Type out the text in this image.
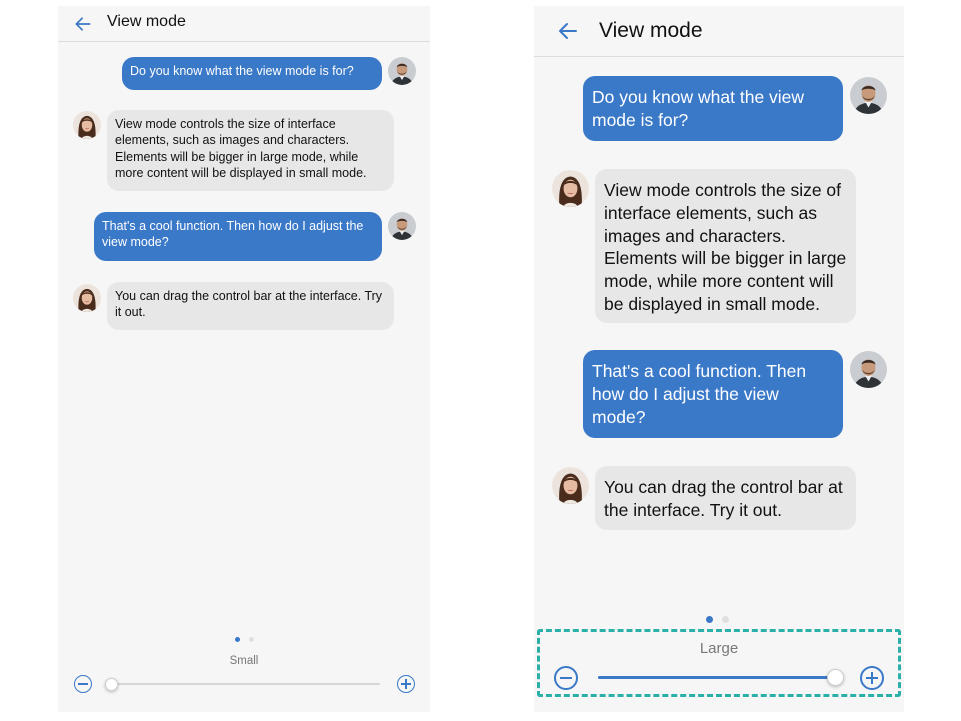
View mode
Do you know what the view mode is for?
View mode controls the size of interface elements, such as images and characters. Elements will be bigger in large mode, while more content will be displayed in small mode.
That's a cool function. Then how do I adjust the view mode?
You can drag the control bar at the interface. Try it out.
Small
View mode
Do you know what the view mode is for?
View mode controls the size of interface elements, such as images and characters. Elements will be bigger in large mode, while more content will be displayed in small mode.
That's a cool function. Then how do I adjust the view mode?
You can drag the control bar at the interface. Try it out.
Large
